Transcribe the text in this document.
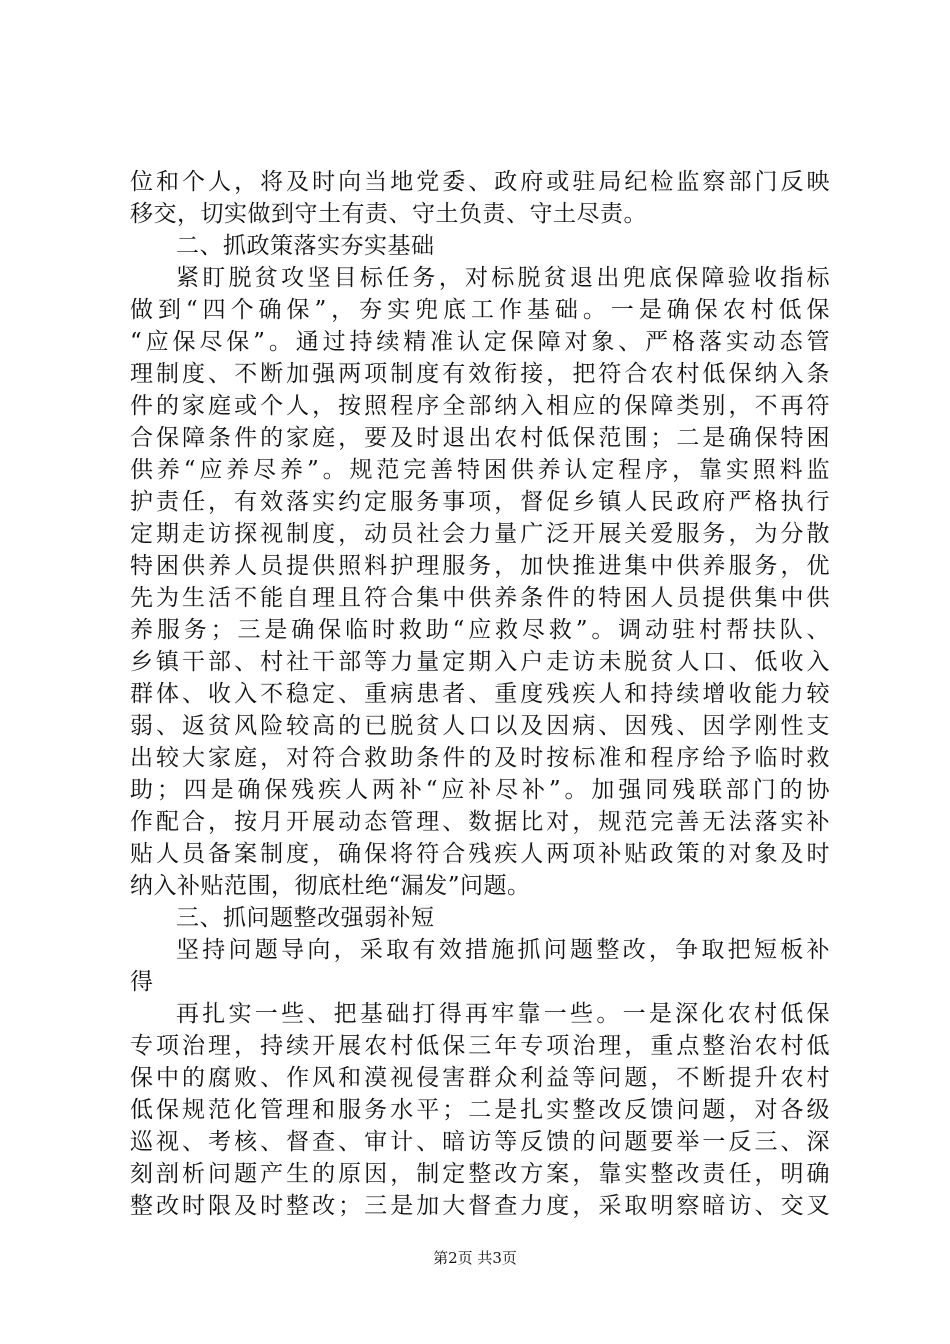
位和个人，将及时向当地党委、政府或驻局纪检监察部门反映
移交，切实做到守土有责、守土负责、守土尽责。
二、抓政策落实夯实基础
紧盯脱贫攻坚目标任务，对标脱贫退出兜底保障验收指标
做到“四个确保”，夯实兜底工作基础。一是确保农村低保
“应保尽保”。通过持续精准认定保障对象、严格落实动态管
理制度、不断加强两项制度有效衔接，把符合农村低保纳入条
件的家庭或个人，按照程序全部纳入相应的保障类别，不再符
合保障条件的家庭，要及时退出农村低保范围；二是确保特困
供养“应养尽养”。规范完善特困供养认定程序，靠实照料监
护责任，有效落实约定服务事项，督促乡镇人民政府严格执行
定期走访探视制度，动员社会力量广泛开展关爱服务，为分散
特困供养人员提供照料护理服务，加快推进集中供养服务，优
先为生活不能自理且符合集中供养条件的特困人员提供集中供
养服务；三是确保临时救助“应救尽救”。调动驻村帮扶队、
乡镇干部、村社干部等力量定期入户走访未脱贫人口、低收入
群体、收入不稳定、重病患者、重度残疾人和持续增收能力较
弱、返贫风险较高的已脱贫人口以及因病、因残、因学刚性支
出较大家庭，对符合救助条件的及时按标准和程序给予临时救
助；四是确保残疾人两补“应补尽补”。加强同残联部门的协
作配合，按月开展动态管理、数据比对，规范完善无法落实补
贴人员备案制度，确保将符合残疾人两项补贴政策的对象及时
纳入补贴范围，彻底杜绝“漏发”问题。
三、抓问题整改强弱补短
坚持问题导向，采取有效措施抓问题整改，争取把短板补
得
再扎实一些、把基础打得再牢靠一些。一是深化农村低保
专项治理，持续开展农村低保三年专项治理，重点整治农村低
保中的腐败、作风和漠视侵害群众利益等问题，不断提升农村
低保规范化管理和服务水平；二是扎实整改反馈问题，对各级
巡视、考核、督查、审计、暗访等反馈的问题要举一反三、深
刻剖析问题产生的原因，制定整改方案，靠实整改责任，明确
整改时限及时整改；三是加大督查力度，采取明察暗访、交叉
第2页 共3页
